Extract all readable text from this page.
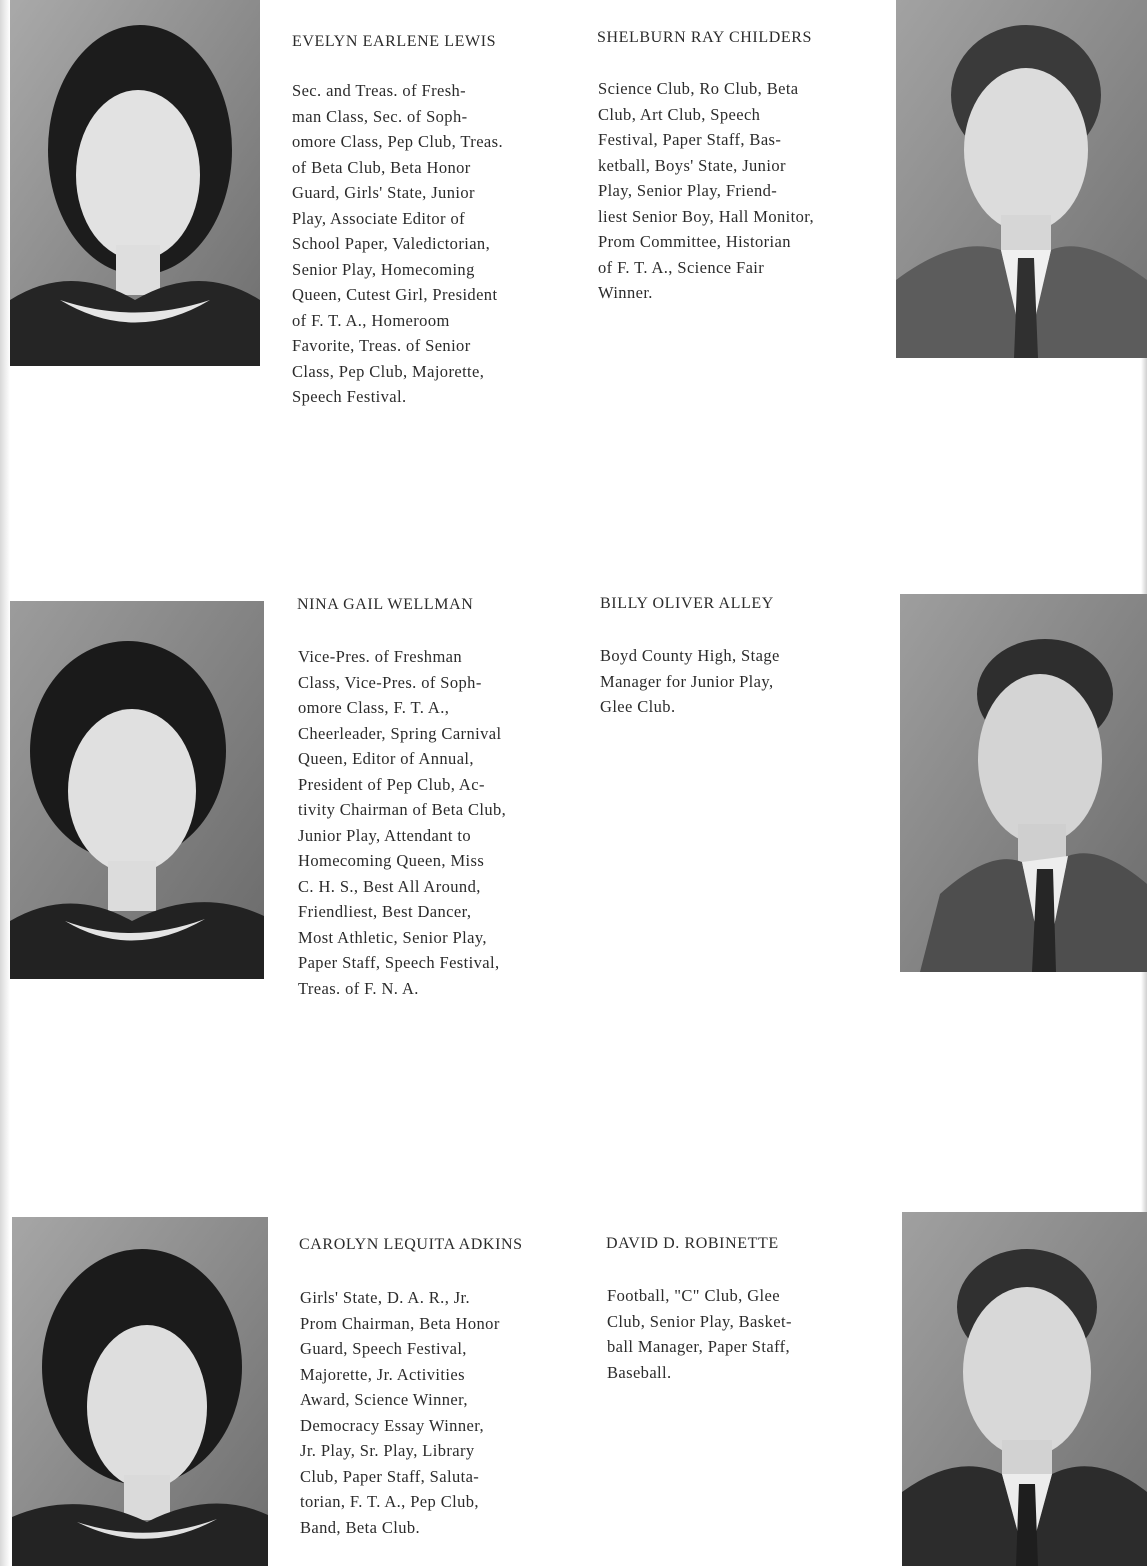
EVELYN EARLENE LEWIS
Sec. and Treas. of Fresh-
man Class, Sec. of Soph-
omore Class, Pep Club, Treas.
of Beta Club, Beta Honor
Guard, Girls' State, Junior
Play, Associate Editor of
School Paper, Valedictorian,
Senior Play, Homecoming
Queen, Cutest Girl, President
of F. T. A., Homeroom
Favorite, Treas. of Senior
Class, Pep Club, Majorette,
Speech Festival.
SHELBURN RAY CHILDERS
Science Club, Ro Club, Beta
Club, Art Club, Speech
Festival, Paper Staff, Bas-
ketball, Boys' State, Junior
Play, Senior Play, Friend-
liest Senior Boy, Hall Monitor,
Prom Committee, Historian
of F. T. A., Science Fair
Winner.
NINA GAIL WELLMAN
Vice-Pres. of Freshman
Class, Vice-Pres. of Soph-
omore Class, F. T. A.,
Cheerleader, Spring Carnival
Queen, Editor of Annual,
President of Pep Club, Ac-
tivity Chairman of Beta Club,
Junior Play, Attendant to
Homecoming Queen, Miss
C. H. S., Best All Around,
Friendliest, Best Dancer,
Most Athletic, Senior Play,
Paper Staff, Speech Festival,
Treas. of F. N. A.
BILLY OLIVER ALLEY
Boyd County High, Stage
Manager for Junior Play,
Glee Club.
CAROLYN LEQUITA ADKINS
Girls' State, D. A. R., Jr.
Prom Chairman, Beta Honor
Guard, Speech Festival,
Majorette, Jr. Activities
Award, Science Winner,
Democracy Essay Winner,
Jr. Play, Sr. Play, Library
Club, Paper Staff, Saluta-
torian, F. T. A., Pep Club,
Band, Beta Club.
DAVID D. ROBINETTE
Football, "C" Club, Glee
Club, Senior Play, Basket-
ball Manager, Paper Staff,
Baseball.
